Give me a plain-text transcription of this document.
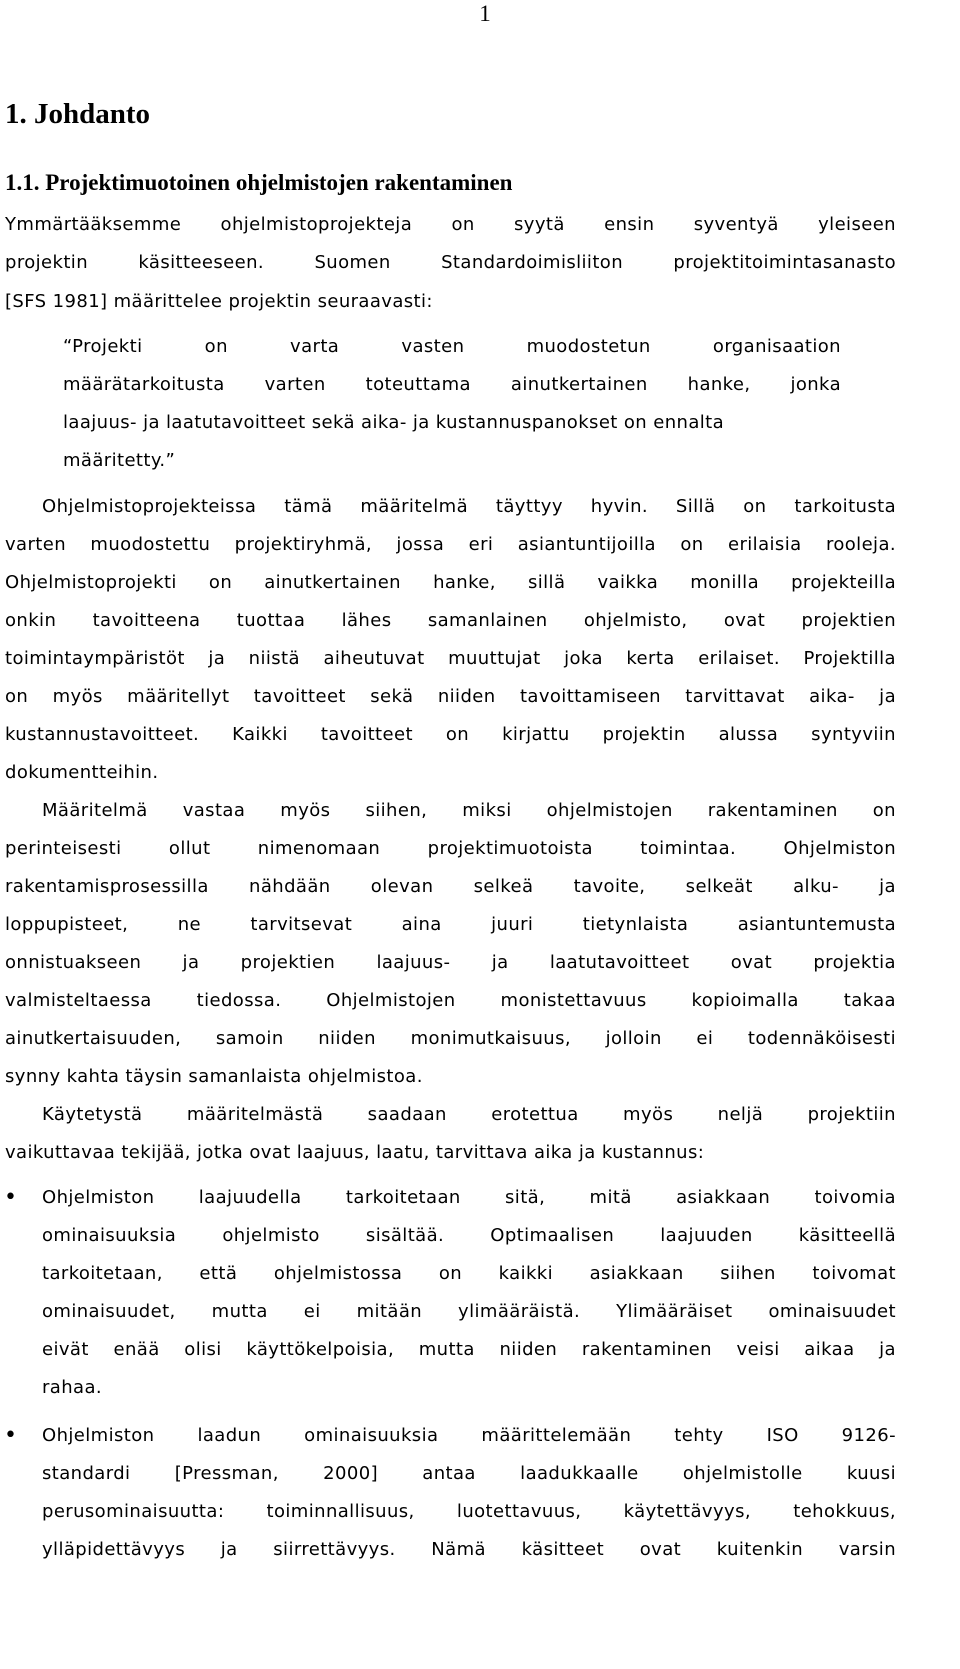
1
1. Johdanto
1.1. Projektimuotoinen ohjelmistojen rakentaminen
Ymmärtääksemme ohjelmistoprojekteja on syytä ensin syventyä yleiseen
projektin käsitteeseen. Suomen Standardoimisliiton projektitoimintasanasto
[SFS 1981] määrittelee projektin seuraavasti:
“Projekti on varta vasten muodostetun organisaation
määrätarkoitusta varten toteuttama ainutkertainen hanke, jonka
laajuus- ja laatutavoitteet sekä aika- ja kustannuspanokset on ennalta
määritetty.”
Ohjelmistoprojekteissa tämä määritelmä täyttyy hyvin. Sillä on tarkoitusta
varten muodostettu projektiryhmä, jossa eri asiantuntijoilla on erilaisia rooleja.
Ohjelmistoprojekti on ainutkertainen hanke, sillä vaikka monilla projekteilla
onkin tavoitteena tuottaa lähes samanlainen ohjelmisto, ovat projektien
toimintaympäristöt ja niistä aiheutuvat muuttujat joka kerta erilaiset. Projektilla
on myös määritellyt tavoitteet sekä niiden tavoittamiseen tarvittavat aika- ja
kustannustavoitteet. Kaikki tavoitteet on kirjattu projektin alussa syntyviin
dokumentteihin.
Määritelmä vastaa myös siihen, miksi ohjelmistojen rakentaminen on
perinteisesti ollut nimenomaan projektimuotoista toimintaa. Ohjelmiston
rakentamisprosessilla nähdään olevan selkeä tavoite, selkeät alku- ja
loppupisteet, ne tarvitsevat aina juuri tietynlaista asiantuntemusta
onnistuakseen ja projektien laajuus- ja laatutavoitteet ovat projektia
valmisteltaessa tiedossa. Ohjelmistojen monistettavuus kopioimalla takaa
ainutkertaisuuden, samoin niiden monimutkaisuus, jolloin ei todennäköisesti
synny kahta täysin samanlaista ohjelmistoa.
Käytetystä määritelmästä saadaan erotettua myös neljä projektiin
vaikuttavaa tekijää, jotka ovat laajuus, laatu, tarvittava aika ja kustannus:
•	Ohjelmiston laajuudella tarkoitetaan sitä, mitä asiakkaan toivomia
ominaisuuksia ohjelmisto sisältää. Optimaalisen laajuuden käsitteellä
tarkoitetaan, että ohjelmistossa on kaikki asiakkaan siihen toivomat
ominaisuudet, mutta ei mitään ylimääräistä. Ylimääräiset ominaisuudet
eivät enää olisi käyttökelpoisia, mutta niiden rakentaminen veisi aikaa ja
rahaa.
•	Ohjelmiston laadun ominaisuuksia määrittelemään tehty ISO 9126-
standardi [Pressman, 2000] antaa laadukkaalle ohjelmistolle kuusi
perusominaisuutta: toiminnallisuus, luotettavuus, käytettävyys, tehokkuus,
ylläpidettävyys ja siirrettävyys. Nämä käsitteet ovat kuitenkin varsin
